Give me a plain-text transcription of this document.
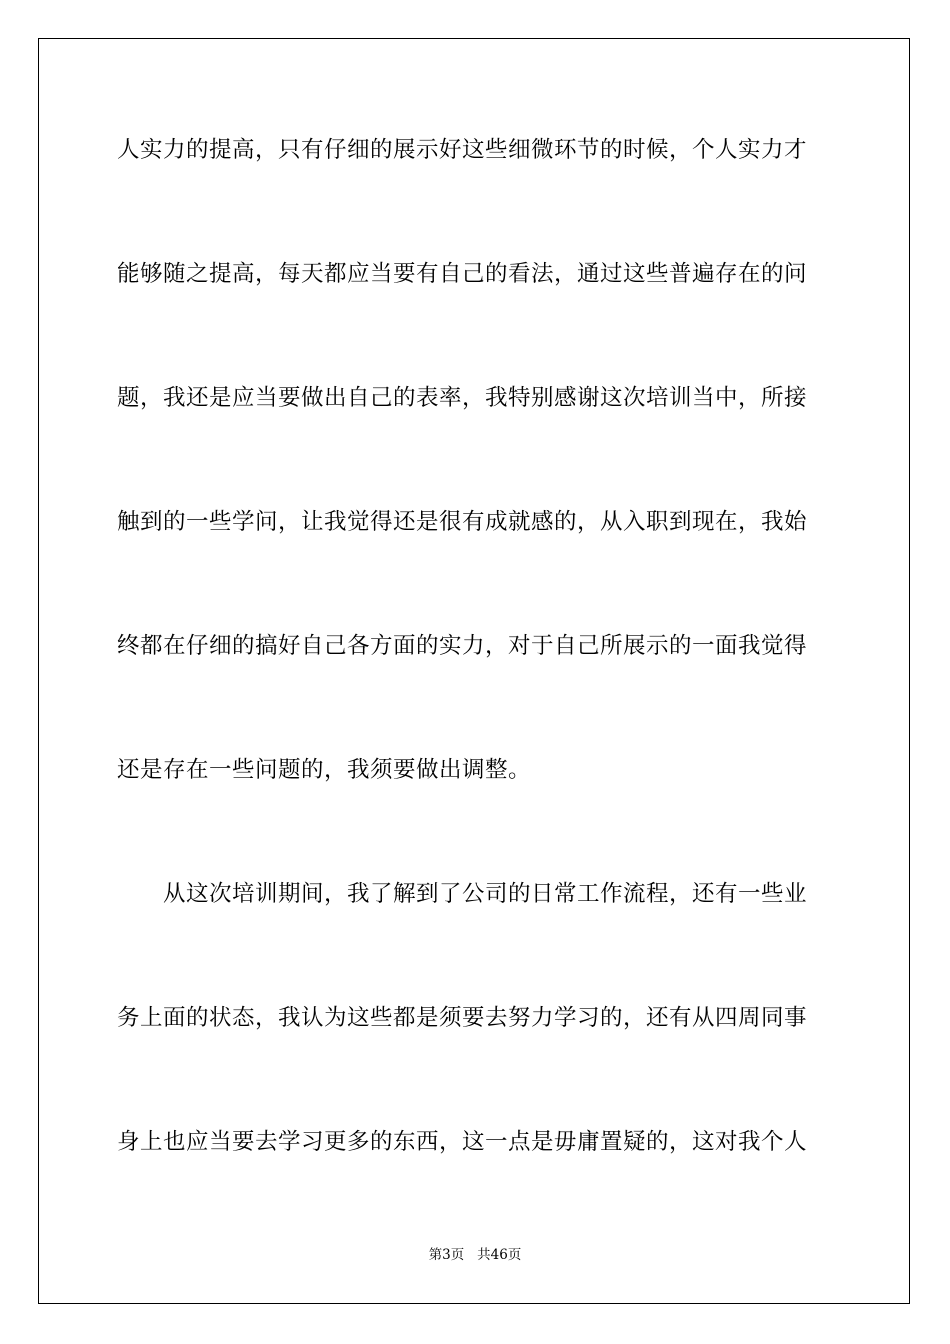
人实力的提高，只有仔细的展示好这些细微环节的时候，个人实力才
能够随之提高，每天都应当要有自己的看法，通过这些普遍存在的问
题，我还是应当要做出自己的表率，我特别感谢这次培训当中，所接
触到的一些学问，让我觉得还是很有成就感的，从入职到现在，我始
终都在仔细的搞好自己各方面的实力，对于自己所展示的一面我觉得
还是存在一些问题的，我须要做出调整。
从这次培训期间，我了解到了公司的日常工作流程，还有一些业
务上面的状态，我认为这些都是须要去努力学习的，还有从四周同事
身上也应当要去学习更多的东西，这一点是毋庸置疑的，这对我个人
第3页   共46页
